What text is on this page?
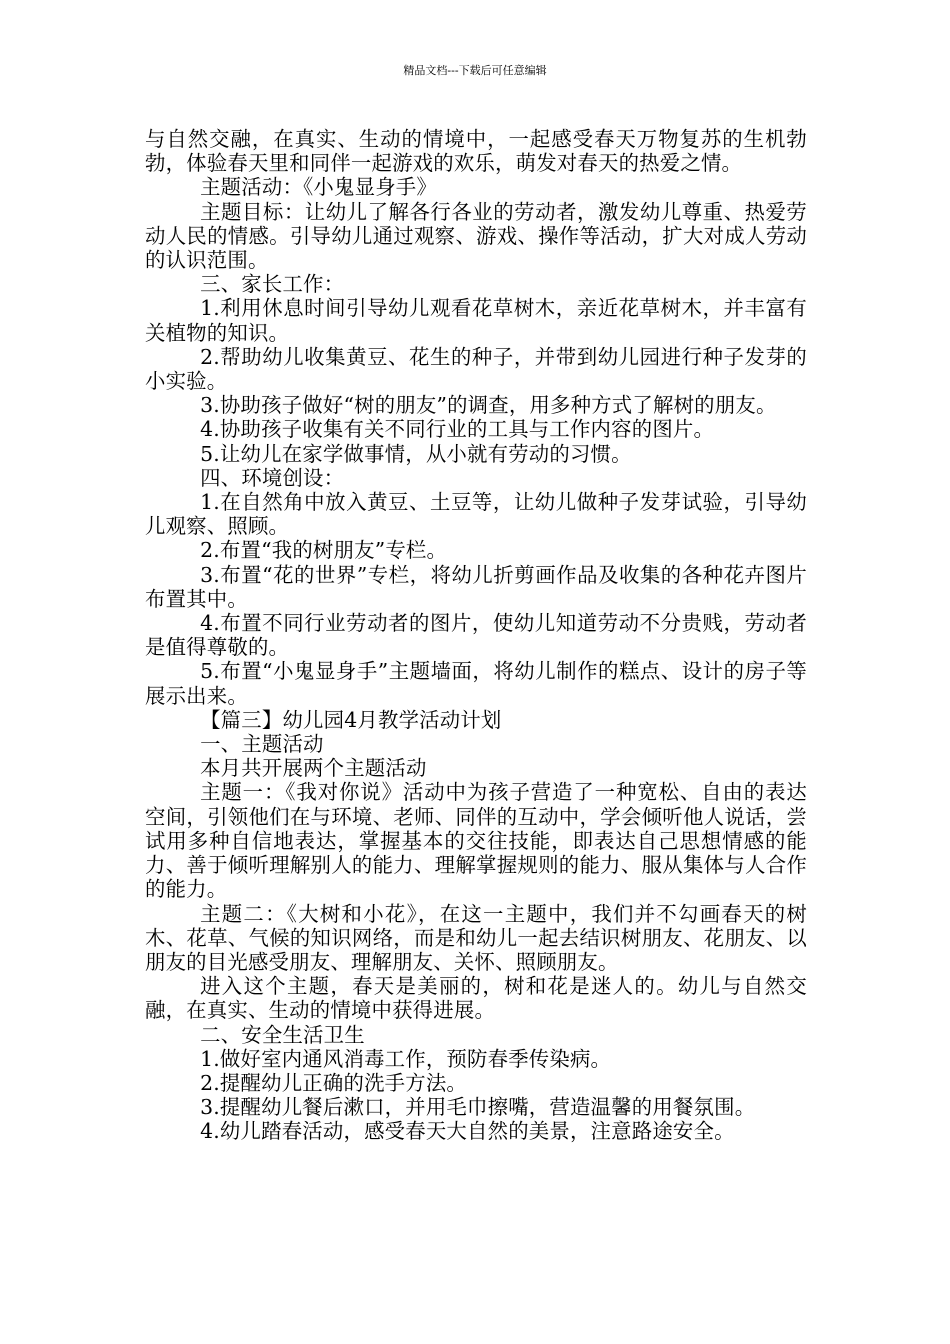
精品文档---下载后可任意编辑

与自然交融，在真实、生动的情境中，一起感受春天万物复苏的生机勃勃，体验春天里和同伴一起游戏的欢乐，萌发对春天的热爱之情。

主题活动：《小鬼显身手》

主题目标：让幼儿了解各行各业的劳动者，激发幼儿尊重、热爱劳动人民的情感。引导幼儿通过观察、游戏、操作等活动，扩大对成人劳动的认识范围。

三、家长工作：

1.利用休息时间引导幼儿观看花草树木，亲近花草树木，并丰富有关植物的知识。

2.帮助幼儿收集黄豆、花生的种子，并带到幼儿园进行种子发芽的小实验。

3.协助孩子做好“树的朋友”的调查，用多种方式了解树的朋友。

4.协助孩子收集有关不同行业的工具与工作内容的图片。

5.让幼儿在家学做事情，从小就有劳动的习惯。

四、环境创设：

1.在自然角中放入黄豆、土豆等，让幼儿做种子发芽试验，引导幼儿观察、照顾。

2.布置“我的树朋友”专栏。

3.布置“花的世界”专栏，将幼儿折剪画作品及收集的各种花卉图片布置其中。

4.布置不同行业劳动者的图片，使幼儿知道劳动不分贵贱，劳动者是值得尊敬的。

5.布置“小鬼显身手”主题墙面，将幼儿制作的糕点、设计的房子等展示出来。

【篇三】幼儿园4月教学活动计划

一、主题活动

本月共开展两个主题活动

主题一：《我对你说》活动中为孩子营造了一种宽松、自由的表达空间，引领他们在与环境、老师、同伴的互动中，学会倾听他人说话，尝试用多种自信地表达，掌握基本的交往技能，即表达自己思想情感的能力、善于倾听理解别人的能力、理解掌握规则的能力、服从集体与人合作的能力。

主题二：《大树和小花》，在这一主题中，我们并不勾画春天的树木、花草、气候的知识网络，而是和幼儿一起去结识树朋友、花朋友、以朋友的目光感受朋友、理解朋友、关怀、照顾朋友。

进入这个主题，春天是美丽的，树和花是迷人的。幼儿与自然交融，在真实、生动的情境中获得进展。

二、安全生活卫生

1.做好室内通风消毒工作，预防春季传染病。

2.提醒幼儿正确的洗手方法。

3.提醒幼儿餐后漱口，并用毛巾擦嘴，营造温馨的用餐氛围。

4.幼儿踏春活动，感受春天大自然的美景，注意路途安全。
